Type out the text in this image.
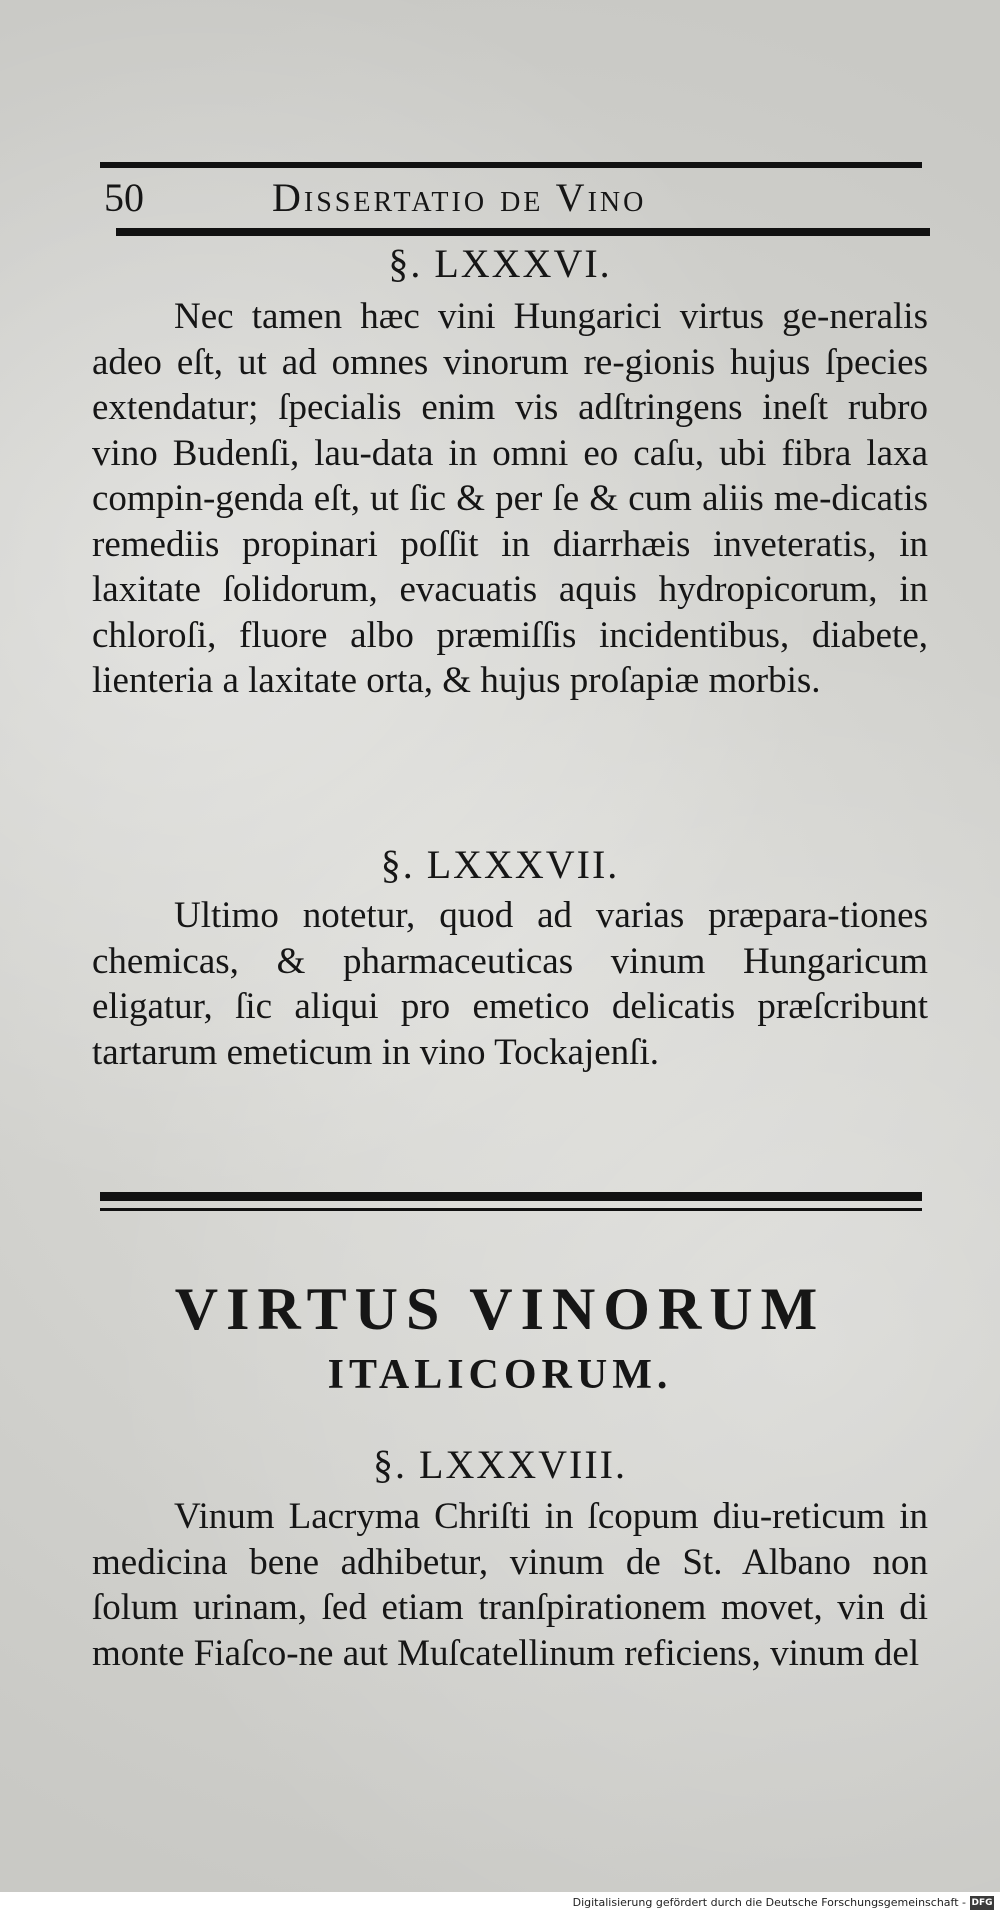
50	Dissertatio de Vino
§. LXXXVI.

Nec tamen hæc vini Hungarici virtus ge-neralis adeo eſt, ut ad omnes vinorum re-gionis hujus ſpecies extendatur; ſpecialis enim vis adſtringens ineſt rubro vino Budenſi, lau-data in omni eo caſu, ubi fibra laxa compin-genda eſt, ut ſic & per ſe & cum aliis me-dicatis remediis propinari poſſit in diarrhæis inveteratis, in laxitate ſolidorum, evacuatis aquis hydropicorum, in chloroſi, fluore albo præmiſſis incidentibus, diabete, lienteria a laxitate orta, & hujus proſapiæ morbis.

§. LXXXVII.

Ultimo notetur, quod ad varias præpara-tiones chemicas, & pharmaceuticas vinum Hungaricum eligatur, ſic aliqui pro emetico delicatis præſcribunt tartarum emeticum in vino Tockajenſi.

VIRTUS VINORUM
ITALICORUM.
§. LXXXVIII.

Vinum Lacryma Chriſti in ſcopum diu-reticum in medicina bene adhibetur, vinum de St. Albano non ſolum urinam, ſed etiam tranſpirationem movet, vin di monte Fiaſco-ne aut Muſcatellinum reficiens, vinum del

Digitalisierung gefördert durch die Deutsche Forschungsgemeinschaft - DFG
